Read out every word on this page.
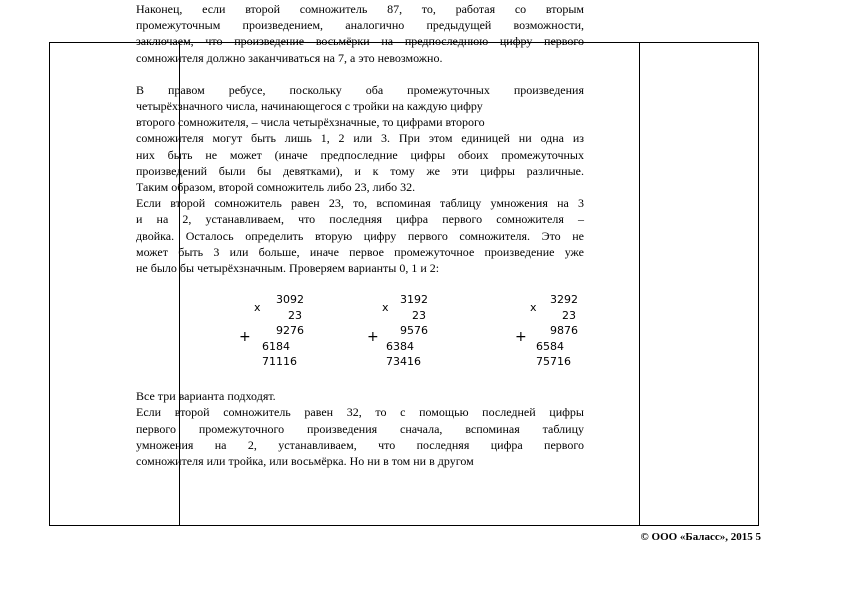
Наконец, если второй сомножитель 87, то, работая со вторым

промежуточным произведением, аналогично предыдущей возможности,

заключаем, что произведение восьмёрки на предпоследнюю цифру первого

сомножителя должно заканчиваться на 7, а это невозможно.

В правом ребусе, поскольку оба промежуточных произведения

четырёхзначного числа, начинающегося с тройки на каждую цифру

второго сомножителя, – числа четырёхзначные, то цифрами второго

сомножителя могут быть лишь 1, 2 или 3. При этом единицей ни одна из

них быть не может (иначе предпоследние цифры обоих промежуточных

произведений были бы девятками), и к тому же эти цифры различные.

Таким образом, второй сомножитель либо 23, либо 32.

Если второй сомножитель равен 23, то, вспоминая таблицу умножения на 3

и на 2, устанавливаем, что последняя цифра первого сомножителя –

двойка. Осталось определить вторую цифру первого сомножителя. Это не

может быть 3 или больше, иначе первое промежуточное произведение уже

не было бы четырёхзначным. Проверяем варианты 0, 1 и 2:

Все три варианта подходят.

Если второй сомножитель равен 32, то с помощью последней цифры

первого промежуточного произведения сначала, вспоминая таблицу

умножения на 2, устанавливаем, что последняя цифра первого

сомножителя или тройка, или восьмёрка. Но ни в том ни в другом

x
+
3092
23
9276
6184
71116
x
+
3192
23
9576
6384
73416
x
+
3292
23
9876
6584
75716
© ООО «Баласс», 2015 5
